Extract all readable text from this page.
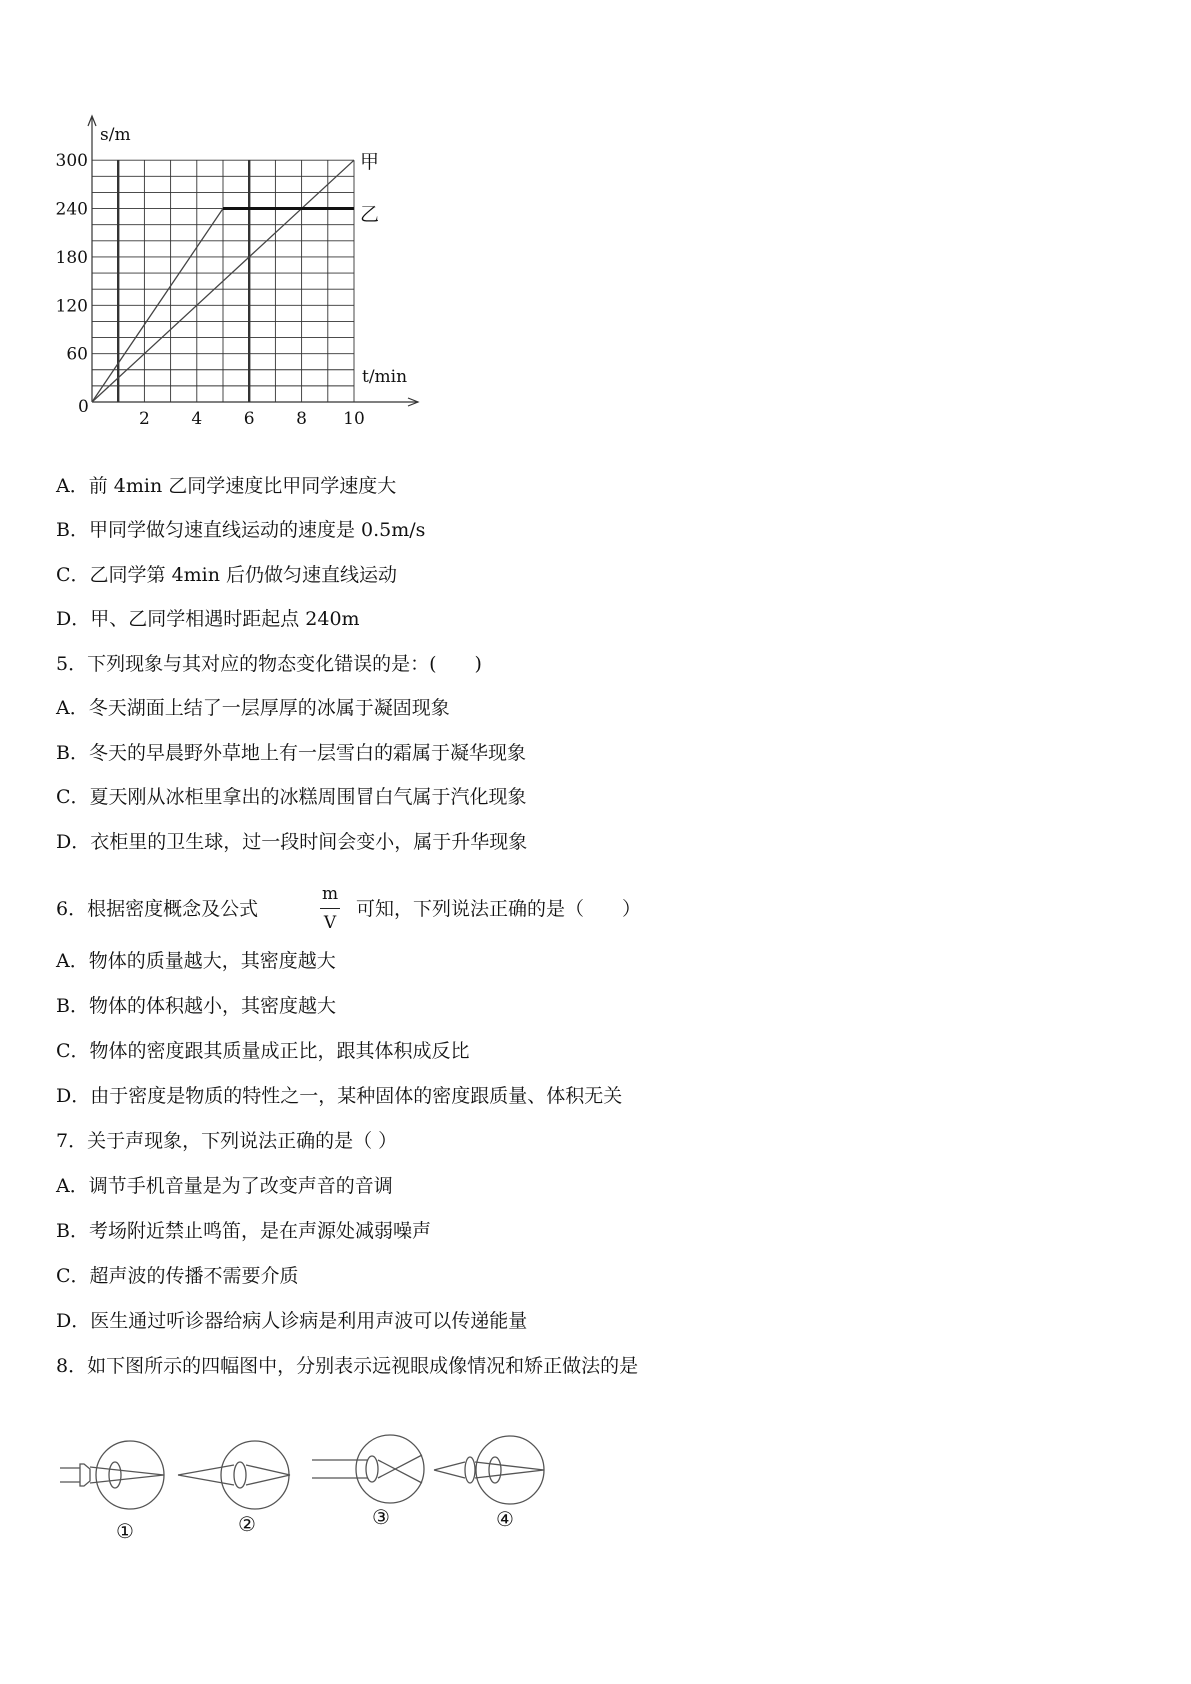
2 4 6 8 10
60
120
180
240
300	甲
乙
s/m
t/min
0
A．前 4min 乙同学速度比甲同学速度大
B．甲同学做匀速直线运动的速度是 0.5m/s
C．乙同学第 4min 后仍做匀速直线运动
D．甲、乙同学相遇时距起点 240m
5．下列现象与其对应的物态变化错误的是：(　　)
A．冬天湖面上结了一层厚厚的冰属于凝固现象
B．冬天的早晨野外草地上有一层雪白的霜属于凝华现象
C．夏天刚从冰柜里拿出的冰糕周围冒白气属于汽化现象
D．衣柜里的卫生球，过一段时间会变小，属于升华现象
6．根据密度概念及公式
m
V
可知，下列说法正确的是（　　）
A．物体的质量越大，其密度越大
B．物体的体积越小，其密度越大
C．物体的密度跟其质量成正比，跟其体积成反比
D．由于密度是物质的特性之一，某种固体的密度跟质量、体积无关
7．关于声现象，下列说法正确的是（ ）
A．调节手机音量是为了改变声音的音调
B．考场附近禁止鸣笛，是在声源处减弱噪声
C．超声波的传播不需要介质
D．医生通过听诊器给病人诊病是利用声波可以传递能量
8．如下图所示的四幅图中，分别表示远视眼成像情况和矫正做法的是
①	②	③	④
